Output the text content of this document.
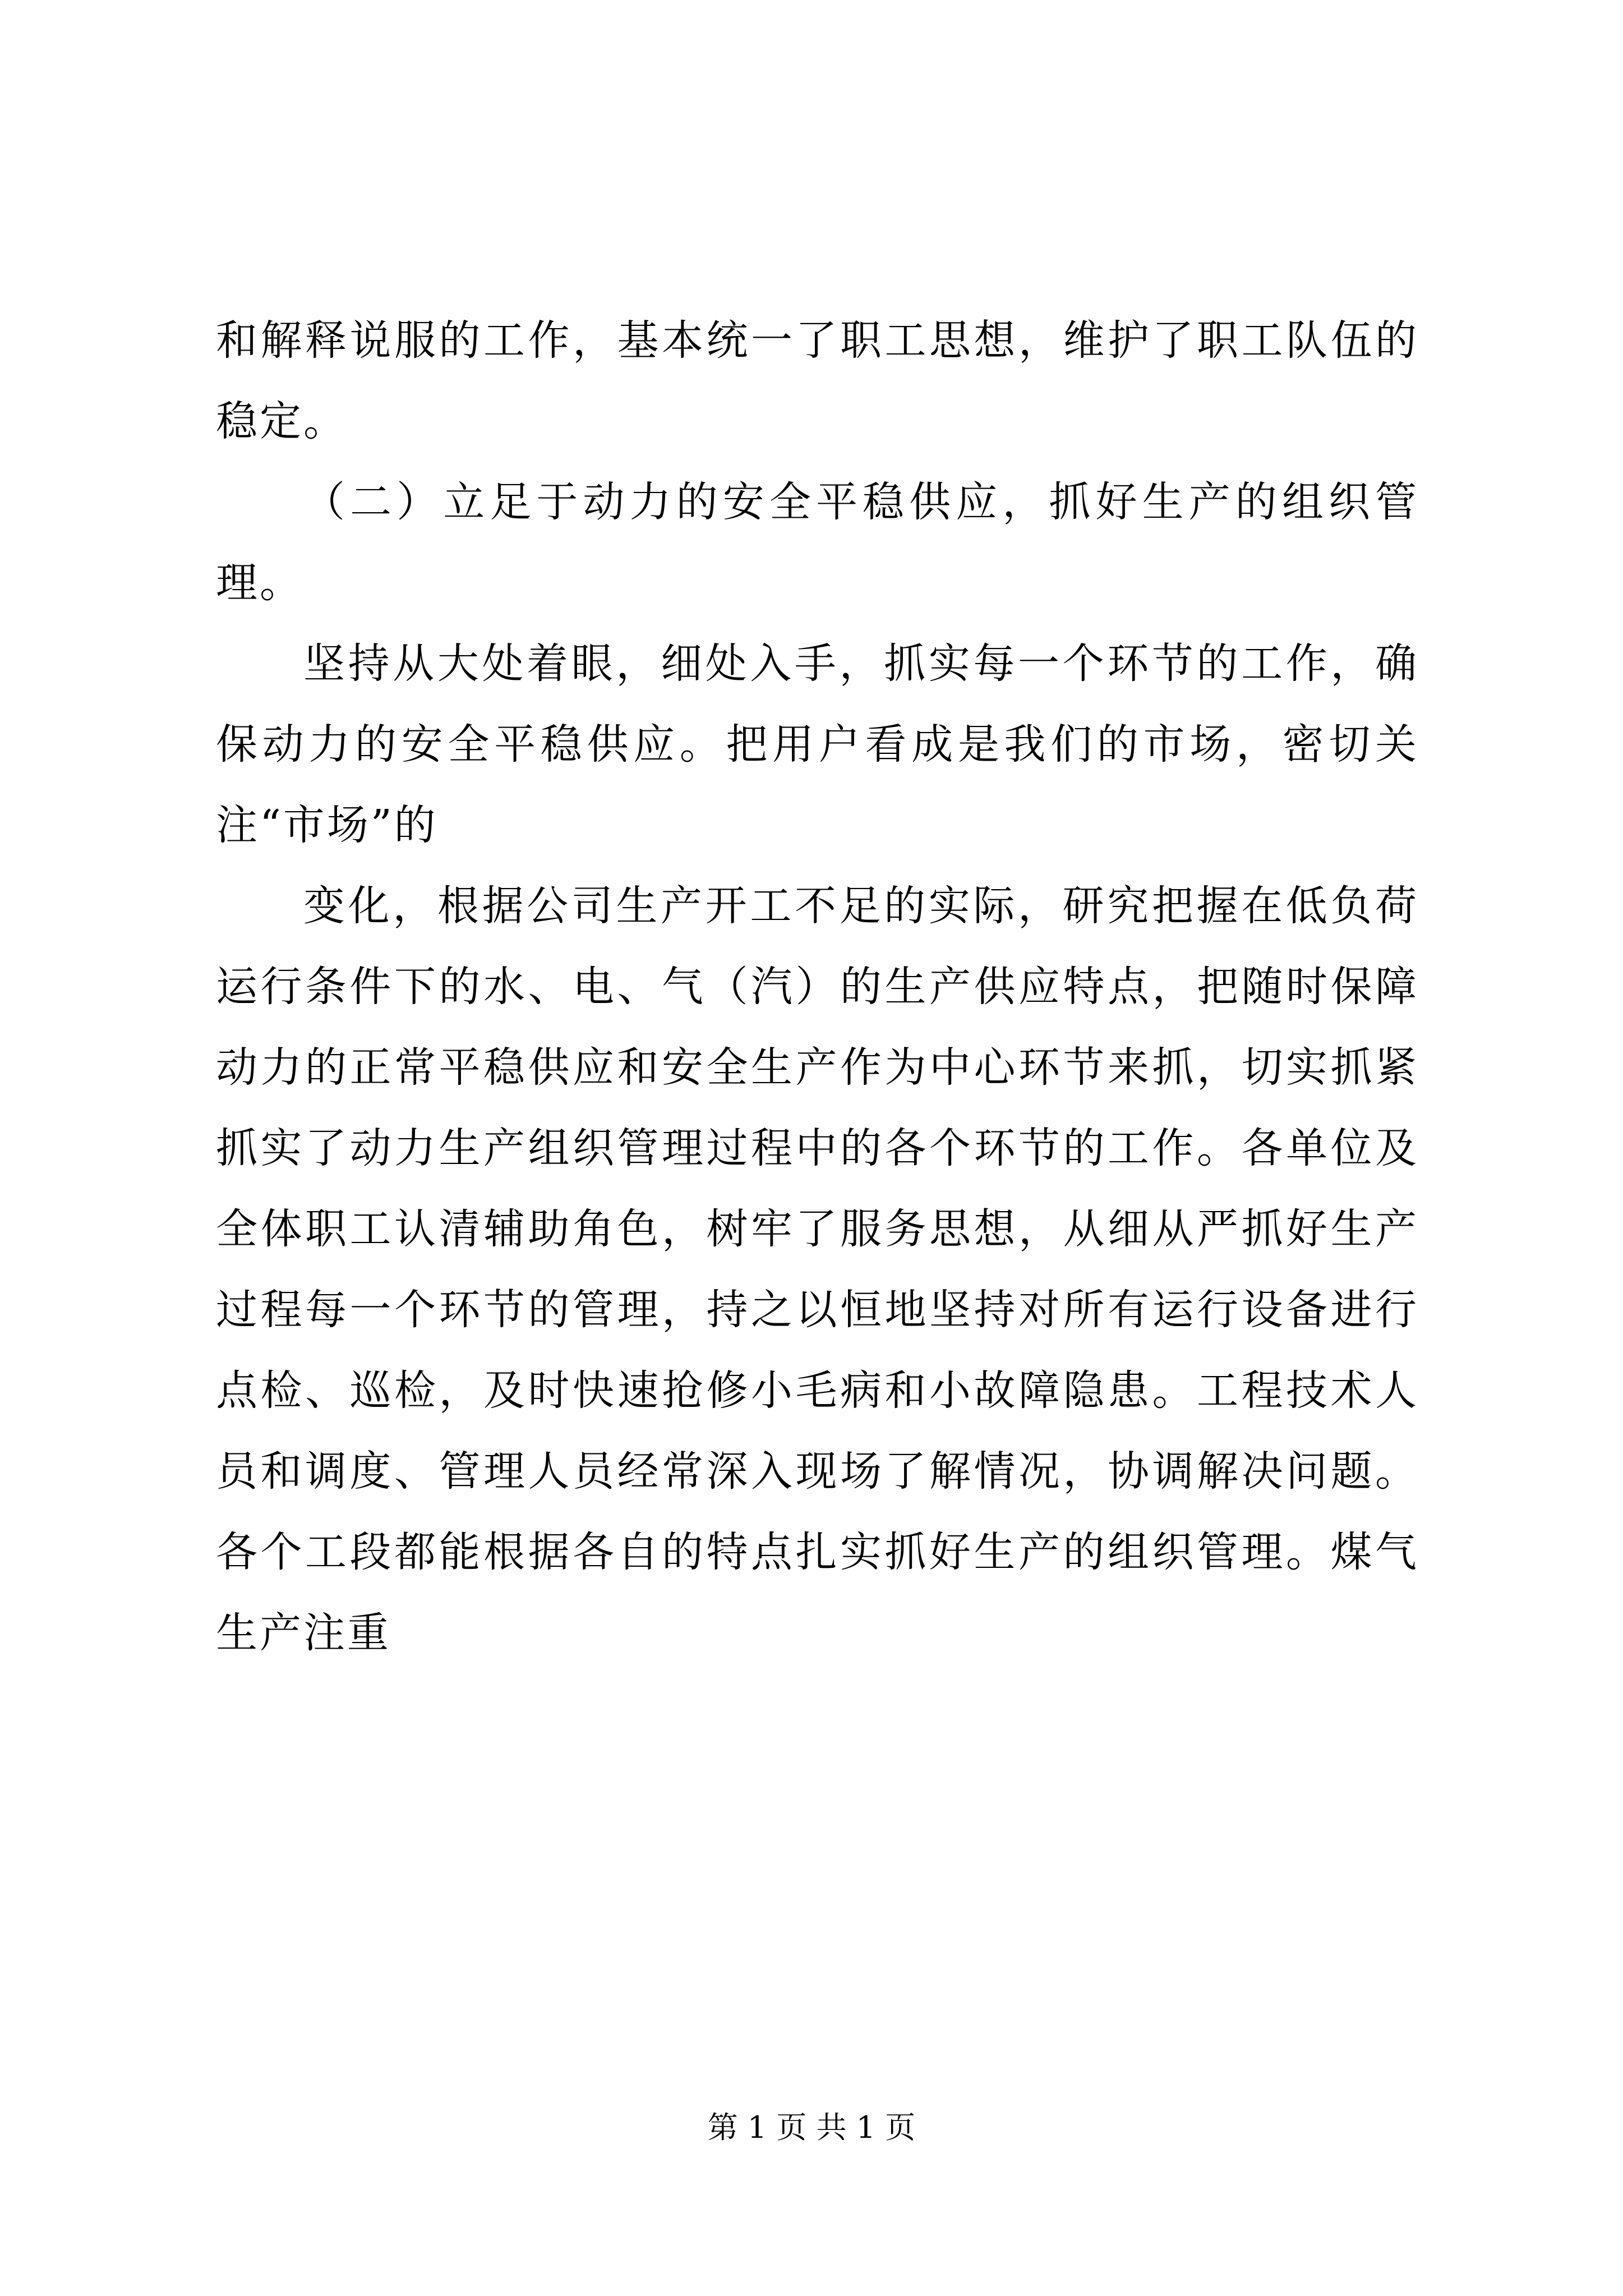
和解释说服的工作，基本统一了职工思想，维护了职工队伍的稳定。

（二）立足于动力的安全平稳供应，抓好生产的组织管理。

坚持从大处着眼，细处入手，抓实每一个环节的工作，确保动力的安全平稳供应。把用户看成是我们的市场，密切关注“市场”的

变化，根据公司生产开工不足的实际，研究把握在低负荷运行条件下的水、电、气（汽）的生产供应特点，把随时保障动力的正常平稳供应和安全生产作为中心环节来抓，切实抓紧抓实了动力生产组织管理过程中的各个环节的工作。各单位及全体职工认清辅助角色，树牢了服务思想，从细从严抓好生产过程每一个环节的管理，持之以恒地坚持对所有运行设备进行点检、巡检，及时快速抢修小毛病和小故障隐患。工程技术人员和调度、管理人员经常深入现场了解情况，协调解决问题。各个工段都能根据各自的特点扎实抓好生产的组织管理。煤气生产注重

第 1 页 共 1 页
